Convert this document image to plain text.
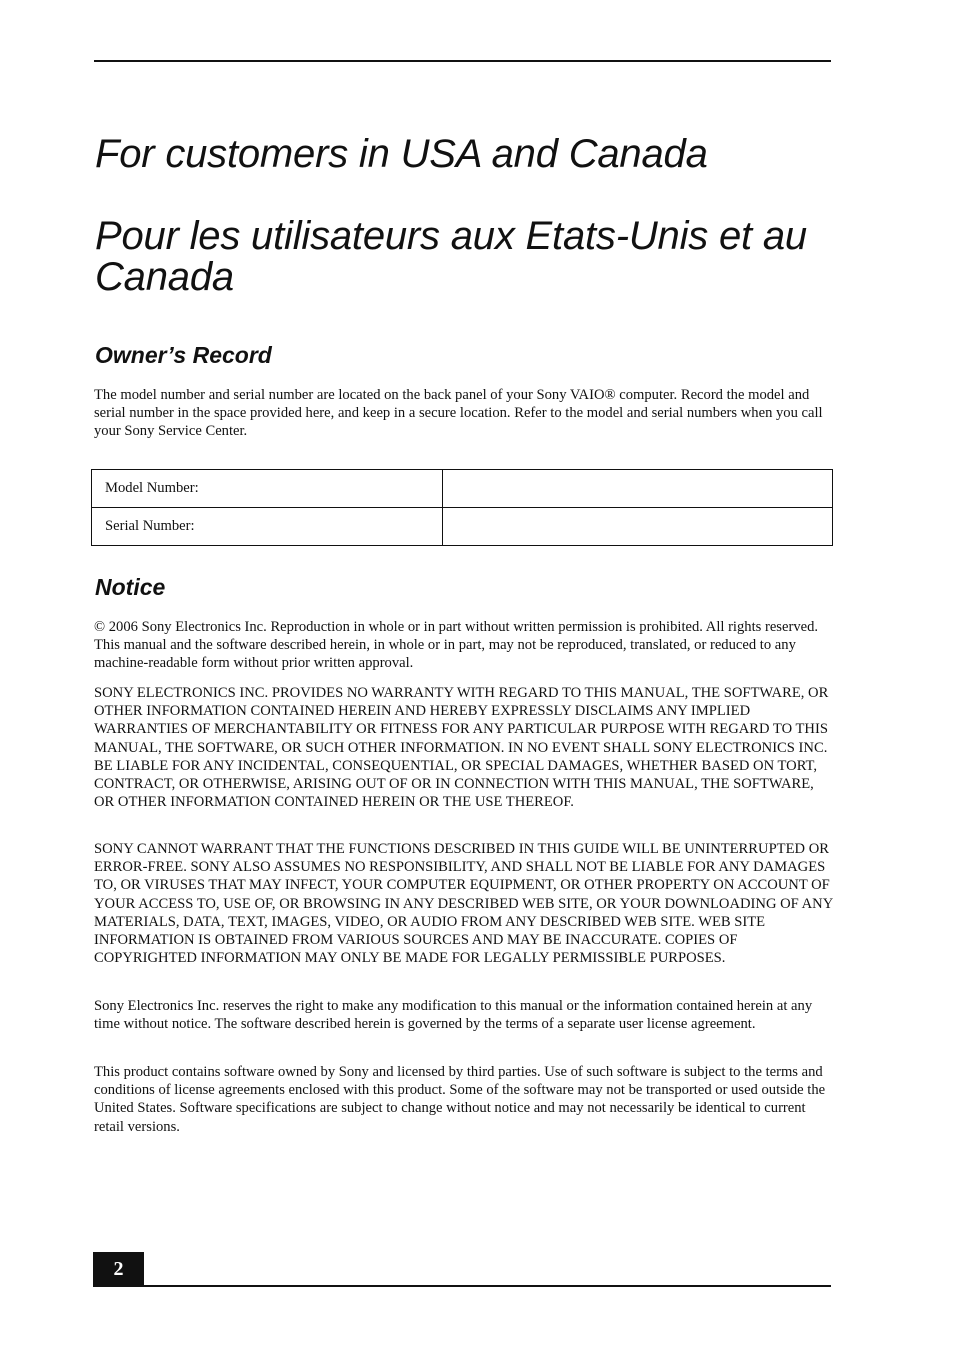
For customers in USA and Canada
Pour les utilisateurs aux Etats-Unis et au Canada
Owner’s Record

The model number and serial number are located on the back panel of your Sony VAIO® computer. Record the model and serial number in the space provided here, and keep in a secure location. Refer to the model and serial numbers when you call your Sony Service Center.

Model Number:	
Serial Number:	
Notice

© 2006 Sony Electronics Inc. Reproduction in whole or in part without written permission is prohibited. All rights reserved. This manual and the software described herein, in whole or in part, may not be reproduced, translated, or reduced to any machine-readable form without prior written approval.

SONY ELECTRONICS INC. PROVIDES NO WARRANTY WITH REGARD TO THIS MANUAL, THE SOFTWARE, OR OTHER INFORMATION CONTAINED HEREIN AND HEREBY EXPRESSLY DISCLAIMS ANY IMPLIED WARRANTIES OF MERCHANTABILITY OR FITNESS FOR ANY PARTICULAR PURPOSE WITH REGARD TO THIS MANUAL, THE SOFTWARE, OR SUCH OTHER INFORMATION. IN NO EVENT SHALL SONY ELECTRONICS INC. BE LIABLE FOR ANY INCIDENTAL, CONSEQUENTIAL, OR SPECIAL DAMAGES, WHETHER BASED ON TORT, CONTRACT, OR OTHERWISE, ARISING OUT OF OR IN CONNECTION WITH THIS MANUAL, THE SOFTWARE, OR OTHER INFORMATION CONTAINED HEREIN OR THE USE THEREOF.

SONY CANNOT WARRANT THAT THE FUNCTIONS DESCRIBED IN THIS GUIDE WILL BE UNINTERRUPTED OR ERROR-FREE. SONY ALSO ASSUMES NO RESPONSIBILITY, AND SHALL NOT BE LIABLE FOR ANY DAMAGES TO, OR VIRUSES THAT MAY INFECT, YOUR COMPUTER EQUIPMENT, OR OTHER PROPERTY ON ACCOUNT OF YOUR ACCESS TO, USE OF, OR BROWSING IN ANY DESCRIBED WEB SITE, OR YOUR DOWNLOADING OF ANY MATERIALS, DATA, TEXT, IMAGES, VIDEO, OR AUDIO FROM ANY DESCRIBED WEB SITE. WEB SITE INFORMATION IS OBTAINED FROM VARIOUS SOURCES AND MAY BE INACCURATE. COPIES OF COPYRIGHTED INFORMATION MAY ONLY BE MADE FOR LEGALLY PERMISSIBLE PURPOSES.

Sony Electronics Inc. reserves the right to make any modification to this manual or the information contained herein at any time without notice. The software described herein is governed by the terms of a separate user license agreement.

This product contains software owned by Sony and licensed by third parties. Use of such software is subject to the terms and conditions of license agreements enclosed with this product. Some of the software may not be transported or used outside the United States. Software specifications are subject to change without notice and may not necessarily be identical to current retail versions.

2
